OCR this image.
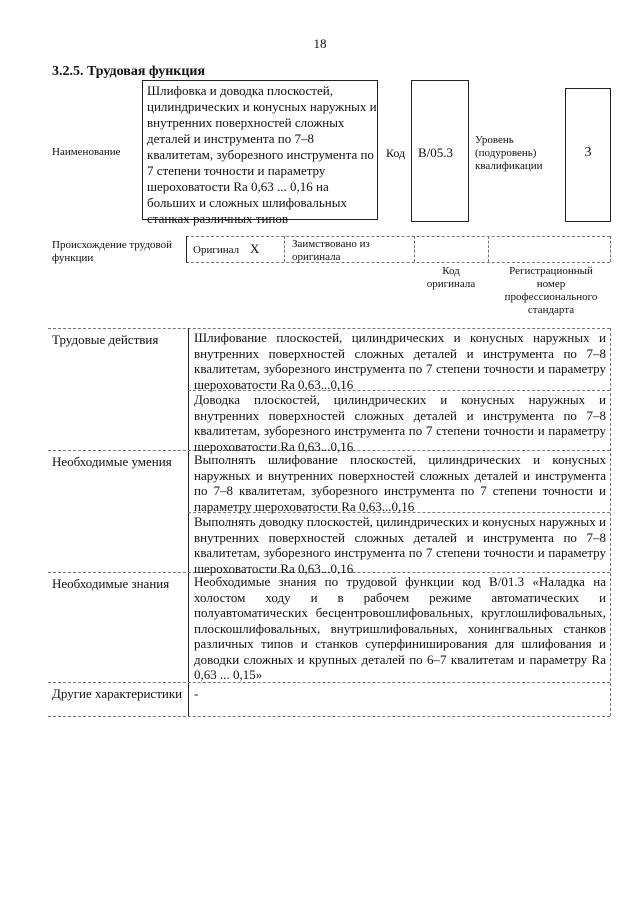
18
3.2.5. Трудовая функция
Наименование
Шлифовка и доводка плоскостей, цилиндрических и конусных наружных и внутренних поверхностей сложных деталей и инструмента по 7–8 квалитетам, зуборезного инструмента по 7 степени точности и параметру шероховатости Ra 0,63 ... 0,16 на больших и сложных шлифовальных станках различных типов
Код B/05.3
Уровень (подуровень) квалификации
3
Происхождение трудовой функции
Оригинал X	Заимствовано из оригинала
Код оригинала
Регистрационный номер профессионального стандарта
Трудовые действия
Необходимые умения
Необходимые знания
Другие характеристики
Шлифование плоскостей, цилиндрических и конусных наружных и внутренних поверхностей сложных деталей и инструмента по 7–8 квалитетам, зуборезного инструмента по 7 степени точности и параметру шероховатости Ra 0,63...0,16
Доводка плоскостей, цилиндрических и конусных наружных и внутренних поверхностей сложных деталей и инструмента по 7–8 квалитетам, зуборезного инструмента по 7 степени точности и параметру шероховатости Ra 0,63...0,16
Выполнять шлифование плоскостей, цилиндрических и конусных наружных и внутренних поверхностей сложных деталей и инструмента по 7–8 квалитетам, зуборезного инструмента по 7 степени точности и параметру шероховатости Ra 0,63...0,16
Выполнять доводку плоскостей, цилиндрических и конусных наружных и внутренних поверхностей сложных деталей и инструмента по 7–8 квалитетам, зуборезного инструмента по 7 степени точности и параметру шероховатости Ra 0,63...0,16
Необходимые знания по трудовой функции код B/01.3 «Наладка на холостом ходу и в рабочем режиме автоматических и полуавтоматических бесцентровошлифовальных, круглошлифовальных, плоскошлифовальных, внутришлифовальных, хонингвальных станков различных типов и станков суперфиниширования для шлифования и доводки сложных и крупных деталей по 6–7 квалитетам и параметру Ra 0,63 ... 0,15»
-
